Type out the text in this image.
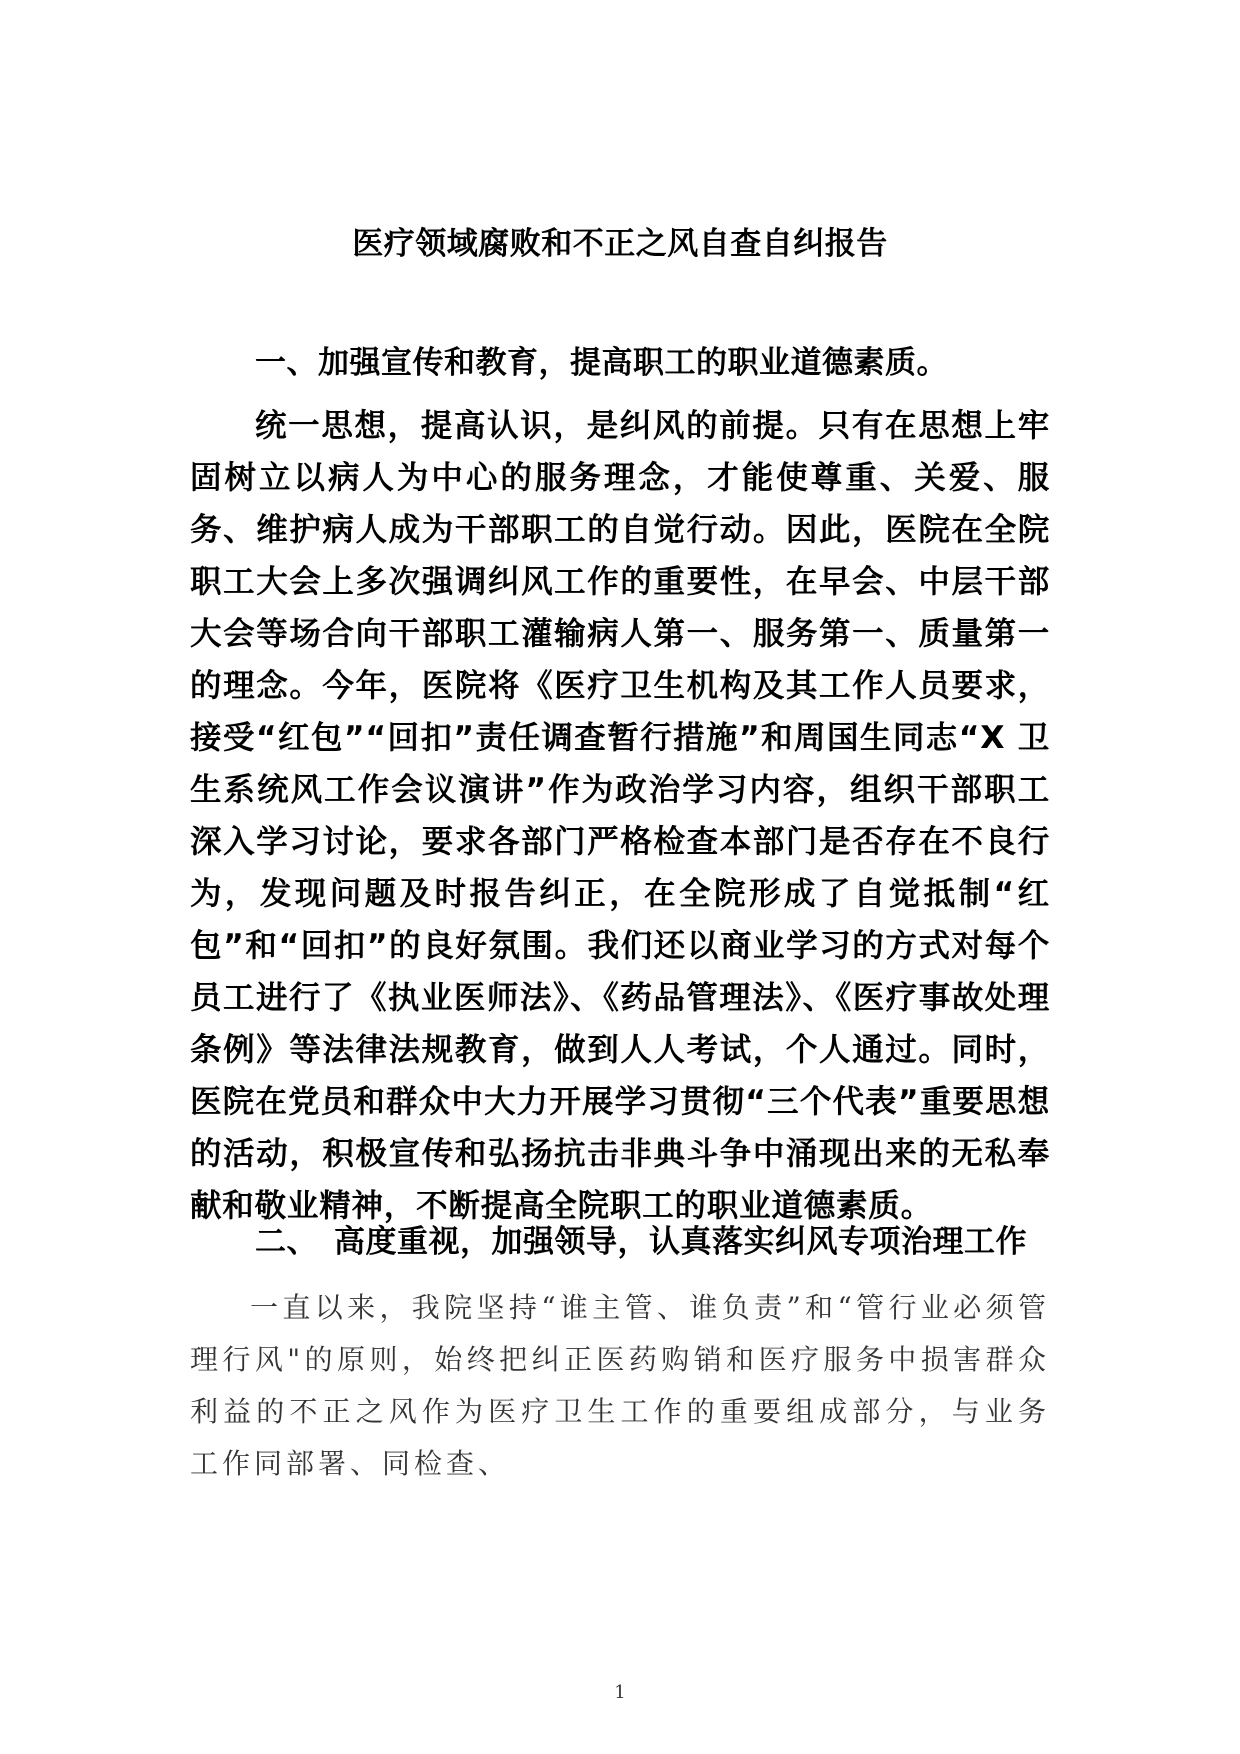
医疗领域腐败和不正之风自查自纠报告
一、加强宣传和教育，提高职工的职业道德素质。

统一思想，提高认识，是纠风的前提。只有在思想上牢固树立以病人为中心的服务理念，才能使尊重、关爱、服务、维护病人成为干部职工的自觉行动。因此，医院在全院职工大会上多次强调纠风工作的重要性，在早会、中层干部大会等场合向干部职工灌输病人第一、服务第一、质量第一的理念。今年，医院将《医疗卫生机构及其工作人员要求，接受“红包”“回扣”责任调查暂行措施”和周国生同志“X 卫生系统风工作会议演讲”作为政治学习内容，组织干部职工深入学习讨论，要求各部门严格检查本部门是否存在不良行为，发现问题及时报告纠正，在全院形成了自觉抵制“红包”和“回扣”的良好氛围。我们还以商业学习的方式对每个员工进行了《执业医师法》、《药品管理法》、《医疗事故处理条例》等法律法规教育，做到人人考试，个人通过。同时，医院在党员和群众中大力开展学习贯彻“三个代表”重要思想的活动，积极宣传和弘扬抗击非典斗争中涌现出来的无私奉献和敬业精神，不断提高全院职工的职业道德素质。

二、 高度重视，加强领导，认真落实纠风专项治理工作

一直以来，我院坚持“谁主管、谁负责”和“管行业必须管理行风"的原则，始终把纠正医药购销和医疗服务中损害群众利益的不正之风作为医疗卫生工作的重要组成部分，与业务工作同部署、同检查、

1
